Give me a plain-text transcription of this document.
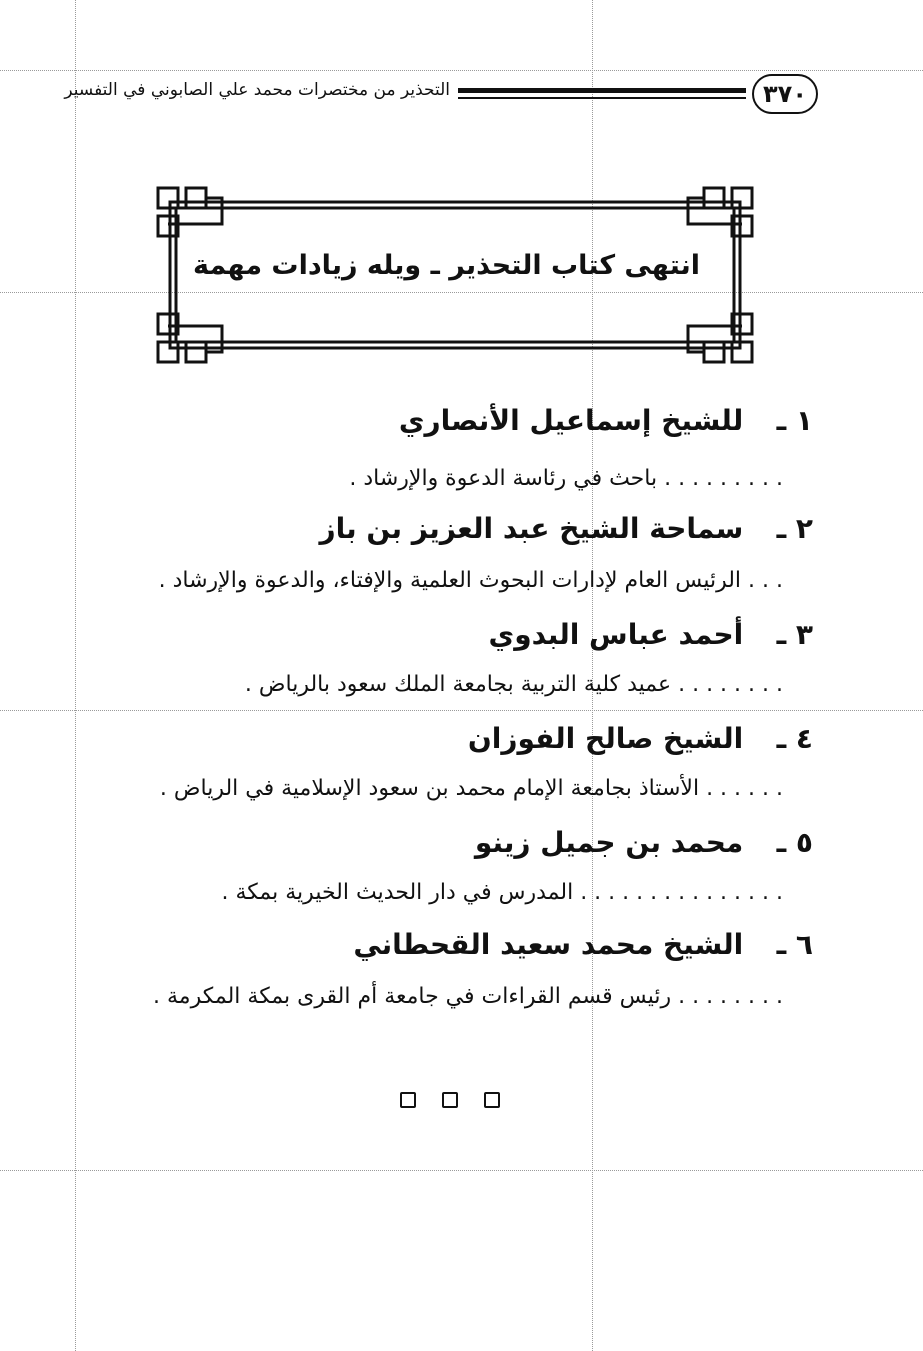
٣٧٠
التحذير من مختصرات محمد علي الصابوني في التفسير
انتهى كتاب التحذير ـ ويله زيادات مهمة
١ ـ للشيخ إسماعيل الأنصاري
. . . . . . . . . باحث في رئاسة الدعوة والإرشاد .
٢ ـ سماحة الشيخ عبد العزيز بن باز
. . . الرئيس العام لإدارات البحوث العلمية والإفتاء، والدعوة والإرشاد .
٣ ـ أحمد عباس البدوي
. . . . . . . . عميد كلية التربية بجامعة الملك سعود بالرياض .
٤ ـ الشيخ صالح الفوزان
. . . . . . الأستاذ بجامعة الإمام محمد بن سعود الإسلامية في الرياض .
٥ ـ محمد بن جميل زينو
. . . . . . . . . . . . . . . المدرس في دار الحديث الخيرية بمكة .
٦ ـ الشيخ محمد سعيد القحطاني
. . . . . . . . رئيس قسم القراءات في جامعة أم القرى بمكة المكرمة .
